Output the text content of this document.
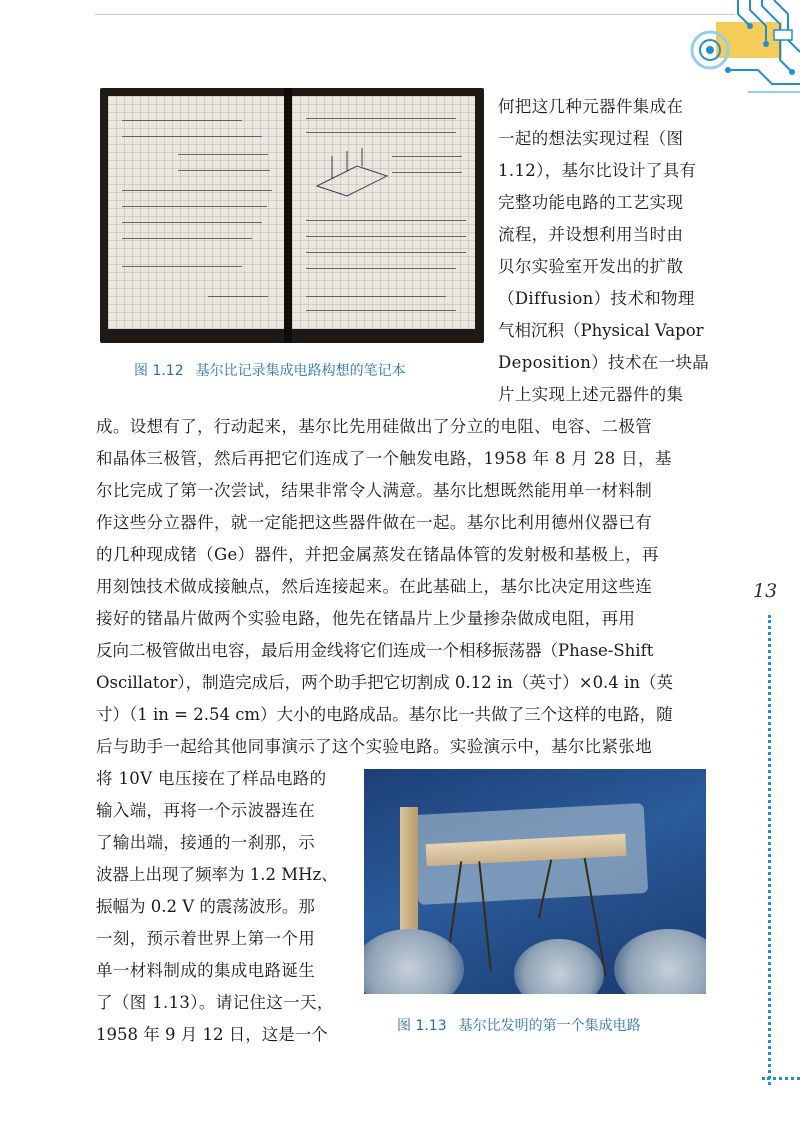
图 1.12 基尔比记录集成电路构想的笔记本
何把这几种元器件集成在
一起的想法实现过程（图
1.12），基尔比设计了具有
完整功能电路的工艺实现
流程，并设想利用当时由
贝尔实验室开发出的扩散
（Diffusion）技术和物理
气相沉积（Physical Vapor
Deposition）技术在一块晶
片上实现上述元器件的集
成。设想有了，行动起来，基尔比先用硅做出了分立的电阻、电容、二极管
和晶体三极管，然后再把它们连成了一个触发电路，1958 年 8 月 28 日，基
尔比完成了第一次尝试，结果非常令人满意。基尔比想既然能用单一材料制
作这些分立器件，就一定能把这些器件做在一起。基尔比利用德州仪器已有
的几种现成锗（Ge）器件，并把金属蒸发在锗晶体管的发射极和基极上，再
用刻蚀技术做成接触点，然后连接起来。在此基础上，基尔比决定用这些连
接好的锗晶片做两个实验电路，他先在锗晶片上少量掺杂做成电阻，再用
反向二极管做出电容，最后用金线将它们连成一个相移振荡器（Phase-Shift
Oscillator），制造完成后，两个助手把它切割成 0.12 in（英寸）×0.4 in（英
寸）（1 in = 2.54 cm）大小的电路成品。基尔比一共做了三个这样的电路，随
后与助手一起给其他同事演示了这个实验电路。实验演示中，基尔比紧张地
将 10V 电压接在了样品电路的
输入端，再将一个示波器连在
了输出端，接通的一刹那，示
波器上出现了频率为 1.2 MHz、
振幅为 0.2 V 的震荡波形。那
一刻，预示着世界上第一个用
单一材料制成的集成电路诞生
了（图 1.13）。请记住这一天，
1958 年 9 月 12 日，这是一个	图 1.13 基尔比发明的第一个集成电路
13
